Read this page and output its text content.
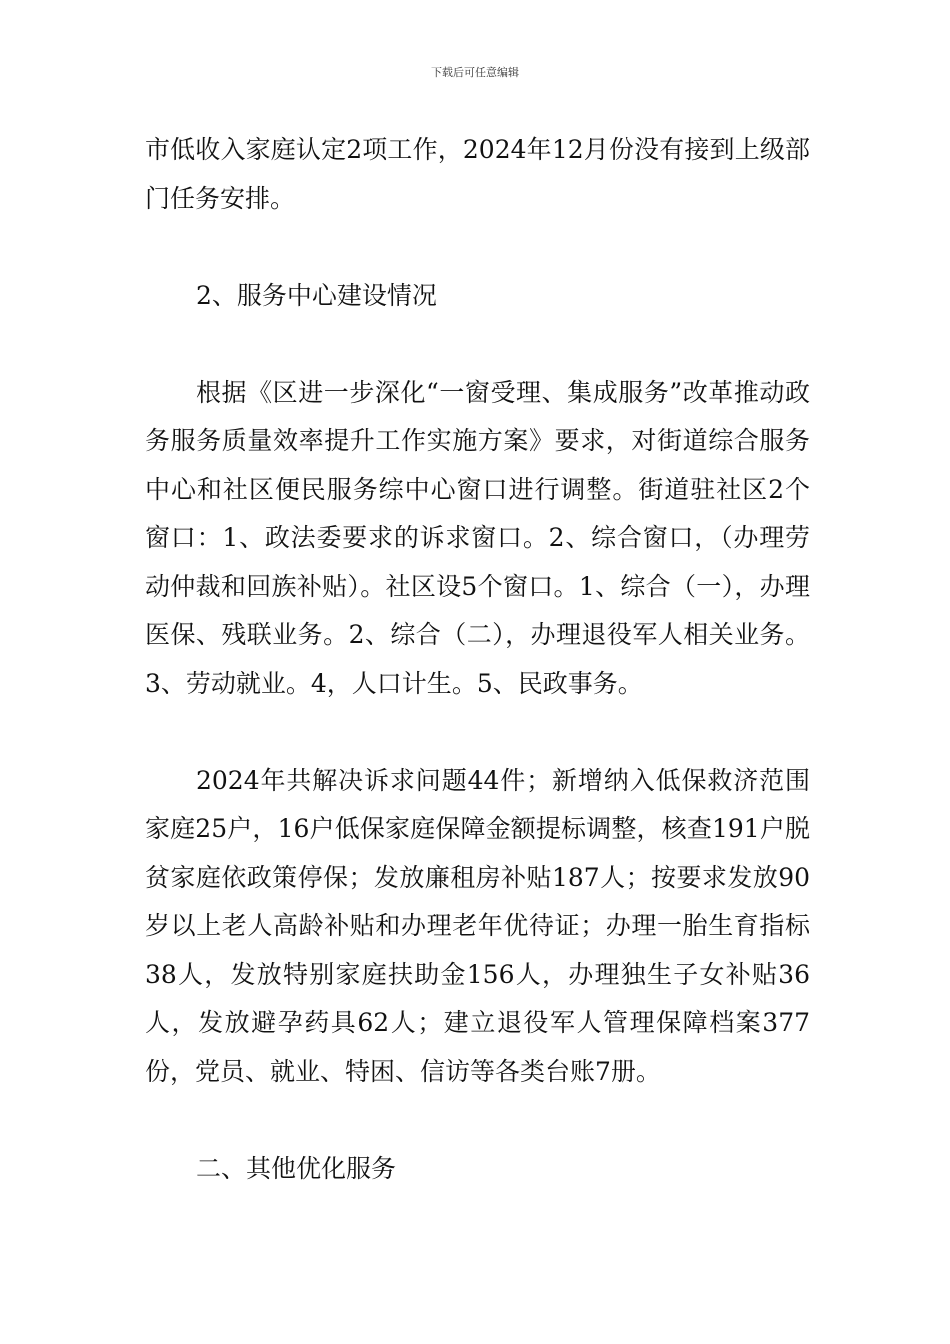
下载后可任意编辑

市低收入家庭认定2项工作，2024年12月份没有接到上级部门任务安排。

2、服务中心建设情况

根据《区进一步深化“一窗受理、集成服务”改革推动政务服务质量效率提升工作实施方案》要求，对街道综合服务中心和社区便民服务综中心窗口进行调整。街道驻社区2个窗口：1、政法委要求的诉求窗口。2、综合窗口，（办理劳动仲裁和回族补贴）。社区设5个窗口。1、综合（一），办理医保、残联业务。2、综合（二），办理退役军人相关业务。3、劳动就业。4，人口计生。5、民政事务。

2024年共解决诉求问题44件；新增纳入低保救济范围家庭25户，16户低保家庭保障金额提标调整，核查191户脱贫家庭依政策停保；发放廉租房补贴187人；按要求发放90岁以上老人高龄补贴和办理老年优待证；办理一胎生育指标38人，发放特别家庭扶助金156人，办理独生子女补贴36人，发放避孕药具62人；建立退役军人管理保障档案377份，党员、就业、特困、信访等各类台账7册。

二、其他优化服务
